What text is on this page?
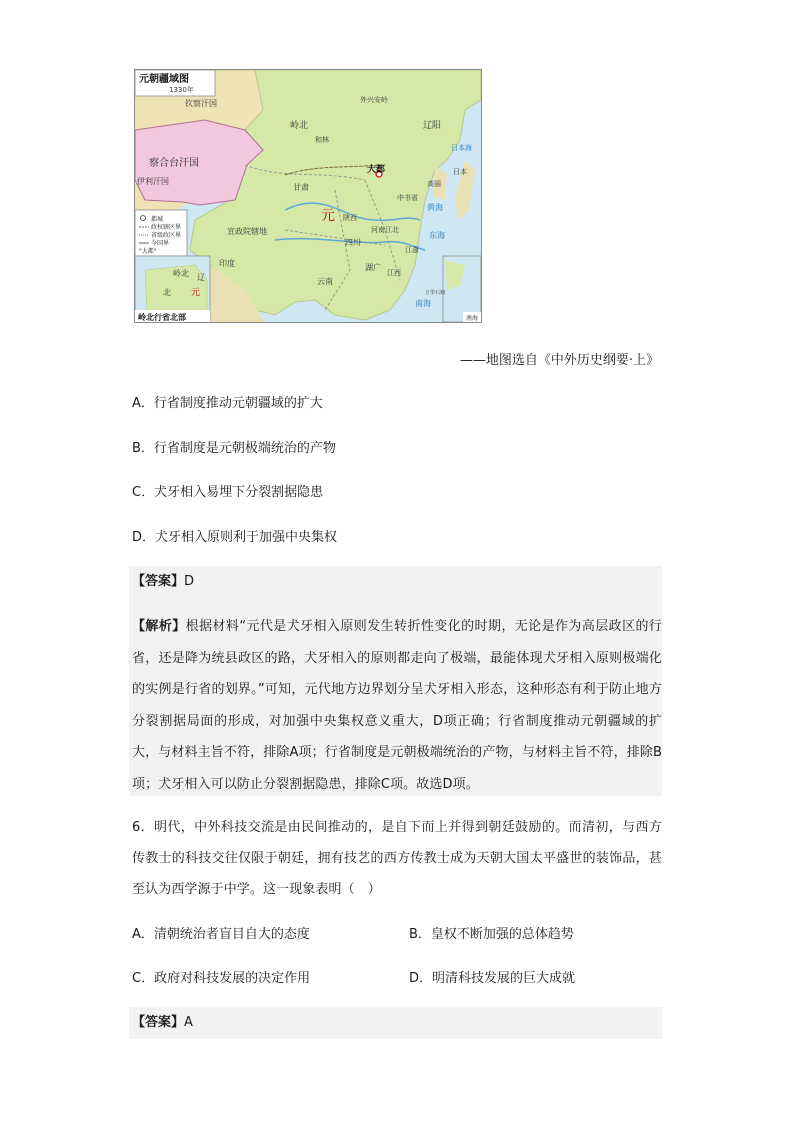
元朝疆域图
1330年
都城
政权辖区界
省级政区界
今国界
"大都"
岭北行省北部	南海
岭北 辽
元
北
察合台汗国
钦察汗国
伊利汗国
岭北
和林
辽阳
大都
元
甘肃
陕西
四川
河南江北
江浙
湖广
江西
云南
宣政院辖地
中书省
印度
高丽
日本
外兴安岭
黄海
东海
南海
日本海
万里石塘
——地图选自《中外历史纲要·上》
A．行省制度推动元朝疆域的扩大
B．行省制度是元朝极端统治的产物
C．犬牙相入易埋下分裂割据隐患
D．犬牙相入原则利于加强中央集权
【答案】D
【解析】根据材料“元代是犬牙相入原则发生转折性变化的时期，无论是作为高层政区的行省，还是降为统县政区的路，犬牙相入的原则都走向了极端，最能体现犬牙相入原则极端化的实例是行省的划界。”可知，元代地方边界划分呈犬牙相入形态，这种形态有利于防止地方分裂割据局面的形成，对加强中央集权意义重大，D项正确；行省制度推动元朝疆域的扩大，与材料主旨不符，排除A项；行省制度是元朝极端统治的产物，与材料主旨不符，排除B项；犬牙相入可以防止分裂割据隐患，排除C项。故选D项。
6．明代，中外科技交流是由民间推动的，是自下而上并得到朝廷鼓励的。而清初，与西方传教士的科技交往仅限于朝廷，拥有技艺的西方传教士成为天朝大国太平盛世的装饰品，甚至认为西学源于中学。这一现象表明（　）
A．清朝统治者盲目自大的态度	B．皇权不断加强的总体趋势
C．政府对科技发展的决定作用	D．明清科技发展的巨大成就
【答案】A
